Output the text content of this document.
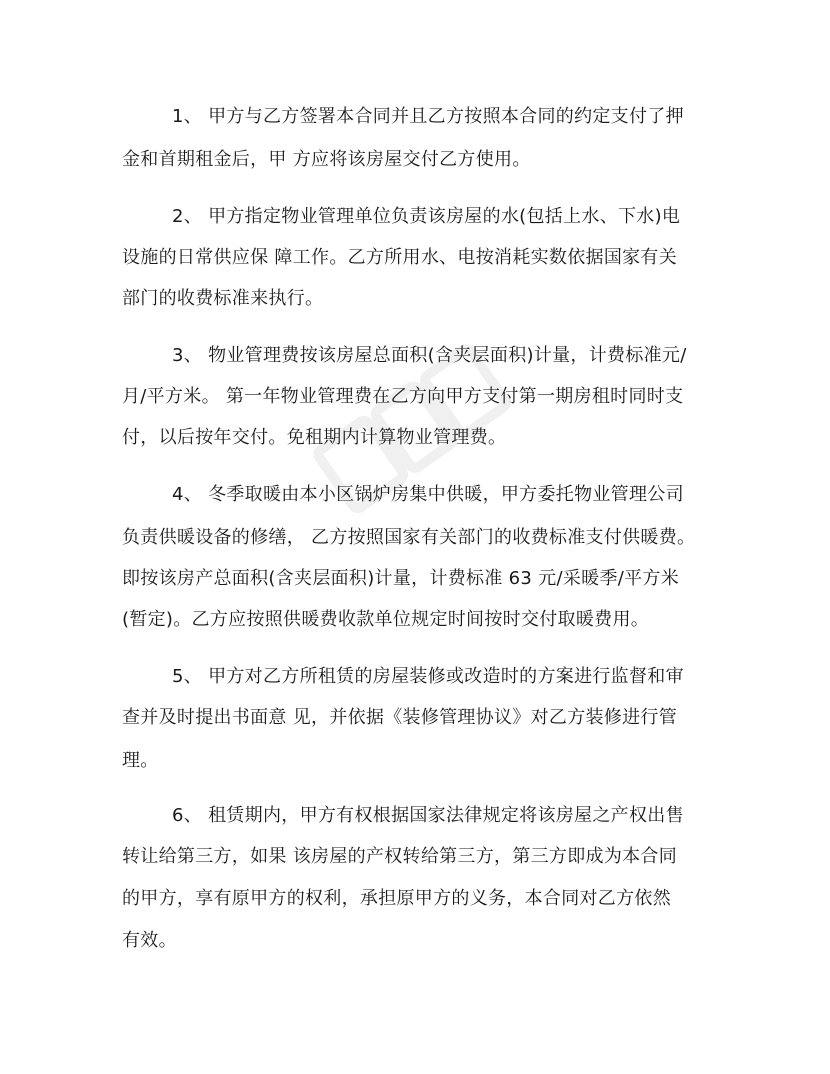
1、 甲方与乙方签署本合同并且乙方按照本合同的约定支付了押
金和首期租金后，甲 方应将该房屋交付乙方使用。
2、 甲方指定物业管理单位负责该房屋的水(包括上水、下水)电
设施的日常供应保 障工作。乙方所用水、电按消耗实数依据国家有关
部门的收费标准来执行。
3、 物业管理费按该房屋总面积(含夹层面积)计量，计费标准元/
月/平方米。 第一年物业管理费在乙方向甲方支付第一期房租时同时支
付，以后按年交付。免租期内计算物业管理费。
4、 冬季取暖由本小区锅炉房集中供暖，甲方委托物业管理公司
负责供暖设备的修缮， 乙方按照国家有关部门的收费标准支付供暖费。
即按该房产总面积(含夹层面积)计量，计费标准 63 元/采暖季/平方米
(暂定)。乙方应按照供暖费收款单位规定时间按时交付取暖费用。
5、 甲方对乙方所租赁的房屋装修或改造时的方案进行监督和审
查并及时提出书面意 见，并依据《装修管理协议》对乙方装修进行管
理。
6、 租赁期内，甲方有权根据国家法律规定将该房屋之产权出售
转让给第三方，如果 该房屋的产权转给第三方，第三方即成为本合同
的甲方，享有原甲方的权利，承担原甲方的义务，本合同对乙方依然
有效。
